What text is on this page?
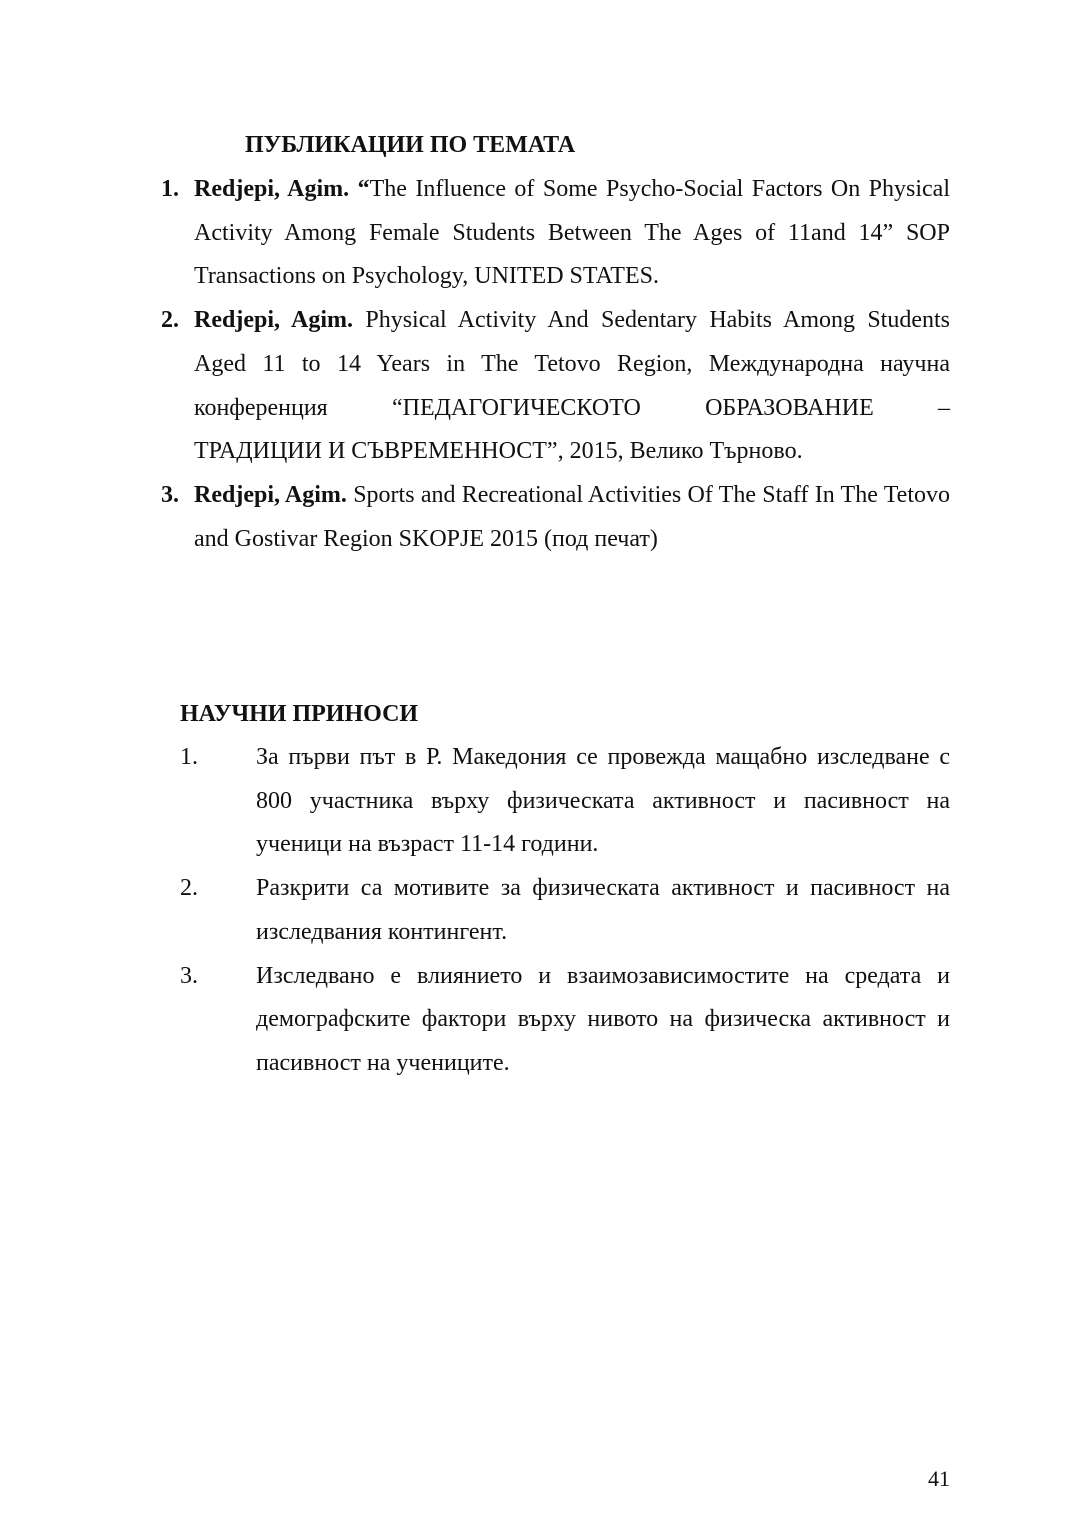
ПУБЛИКАЦИИ ПО ТЕМАТА
1. Redjepi, Agim. “The Influence of Some Psycho-Social Factors On Physical Activity Among Female Students Between The Ages of 11and 14” SOP Transactions on Psychology, UNITED STATES.
2. Redjepi, Agim. Physical Activity And Sedentary Habits Among Students Aged 11 to 14 Years in The Tetovo Region, Международна научна конференция “ПЕДАГОГИЧЕСКОТО ОБРАЗОВАНИЕ –
ТРАДИЦИИ И СЪВРЕМЕННОСТ”, 2015, Велико Търново.
3. Redjepi, Agim. Sports and Recreational Activities Of The Staff In The Tetovo and Gostivar Region SKOPJE 2015 (под печат)
НАУЧНИ ПРИНОСИ
1. За първи път в Р. Македония се провежда мащабно изследване с 800 участника върху физическата активност и пасивност на ученици на възраст 11-14 години.
2. Разкрити са мотивите за физическата активност и пасивност на изследвания контингент.
3. Изследвано е влиянието и взаимозависимостите на средата и демографските фактори върху нивото на физическа активност и пасивност на учениците.
41
